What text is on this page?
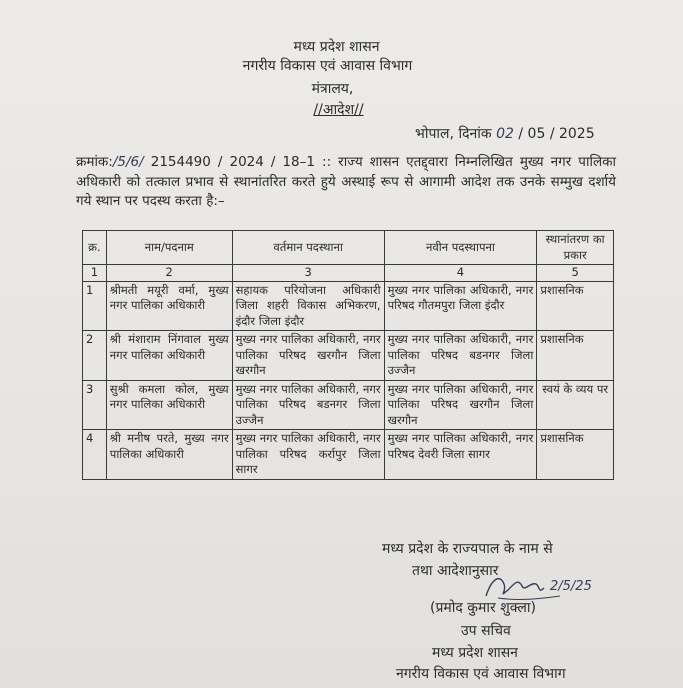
मध्य प्रदेश शासन
नगरीय विकास एवं आवास विभाग
मंत्रालय,
//आदेश//
भोपाल, दिनांक 02 / 05 / 2025
क्रमांक:/5/6/ 2154490 / 2024 / 18–1 :: राज्य शासन एतद्द्वारा निम्नलिखित मुख्य नगर पालिका अधिकारी को तत्काल प्रभाव से स्थानांतरित करते हुये अस्थाई रूप से आगामी आदेश तक उनके सम्मुख दर्शाये गये स्थान पर पदस्थ करता है:–
क्र.	नाम/पदनाम	वर्तमान पदस्थाना	नवीन पदस्थापना	स्थानांतरण का प्रकार
1	2	3	4	5
1	श्रीमती मयूरी वर्मा, मुख्य नगर पालिका अधिकारी	सहायक परियोजना अधिकारी जिला शहरी विकास अभिकरण, इंदौर जिला इंदौर	मुख्य नगर पालिका अधिकारी, नगर परिषद गौतमपुरा जिला इंदौर	प्रशासनिक
2	श्री मंशाराम निंगवाल मुख्य नगर पालिका अधिकारी	मुख्य नगर पालिका अधिकारी, नगर पालिका परिषद खरगौन जिला खरगौन	मुख्य नगर पालिका अधिकारी, नगर पालिका परिषद बडनगर जिला उज्जैन	प्रशासनिक
3	सुश्री कमला कोल, मुख्य नगर पालिका अधिकारी	मुख्य नगर पालिका अधिकारी, नगर पालिका परिषद बडनगर जिला उज्जैन	मुख्य नगर पालिका अधिकारी, नगर पालिका परिषद खरगौन जिला खरगौन	स्वयं के व्यय पर
4	श्री मनीष परते, मुख्य नगर पालिका अधिकारी	मुख्य नगर पालिका अधिकारी, नगर पालिका परिषद कर्रापुर जिला सागर	मुख्य नगर पालिका अधिकारी, नगर परिषद देवरी जिला सागर	प्रशासनिक
मध्य प्रदेश के राज्यपाल के नाम से
तथा आदेशानुसार
2/5/25
(प्रमोद कुमार शुक्ला)
उप सचिव
मध्य प्रदेश शासन
नगरीय विकास एवं आवास विभाग
